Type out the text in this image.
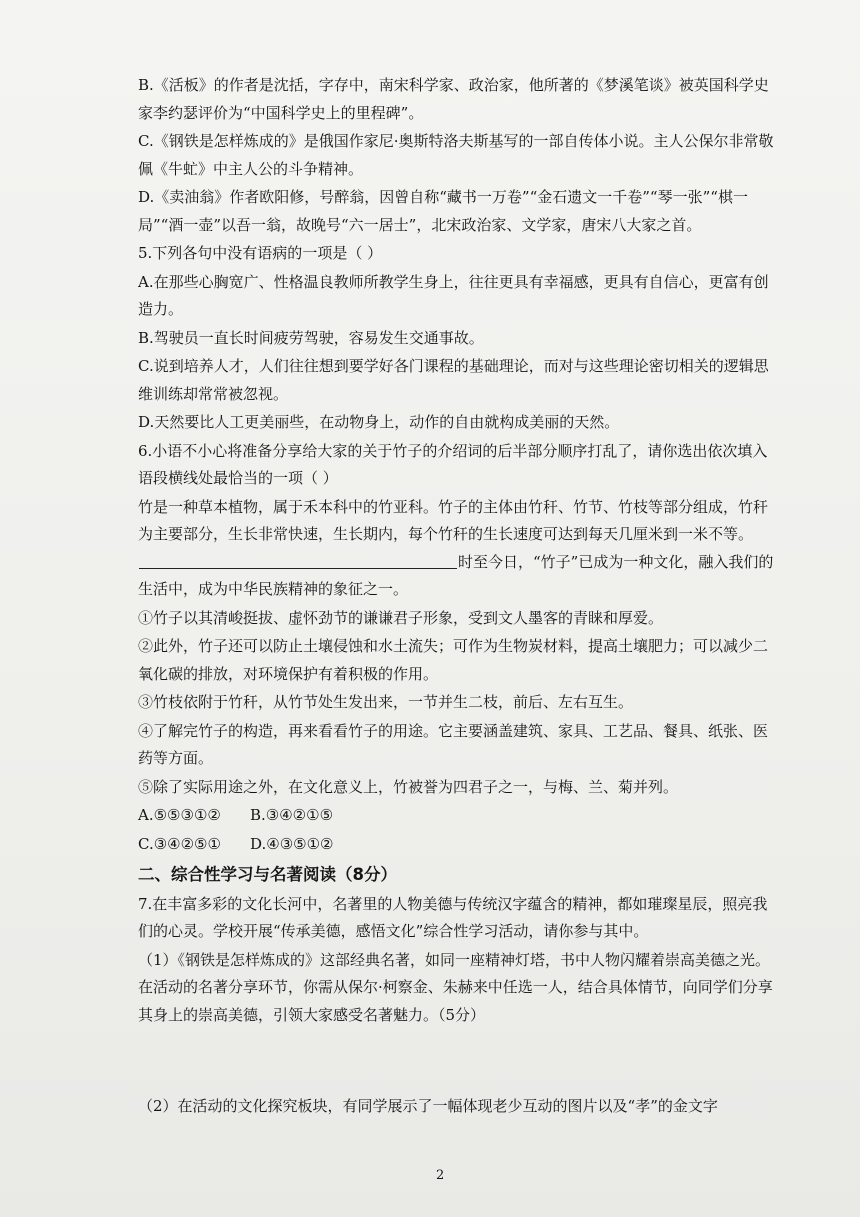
B.《活板》的作者是沈括，字存中，南宋科学家、政治家，他所著的《梦溪笔谈》被英国科学史家李约瑟评价为“中国科学史上的里程碑”。

C.《钢铁是怎样炼成的》是俄国作家尼·奥斯特洛夫斯基写的一部自传体小说。主人公保尔非常敬佩《牛虻》中主人公的斗争精神。

D.《卖油翁》作者欧阳修，号醉翁，因曾自称“藏书一万卷”“金石遗文一千卷”“琴一张”“棋一局”“酒一壶”以吾一翁，故晚号“六一居士”，北宋政治家、文学家，唐宋八大家之首。

5.下列各句中没有语病的一项是（ ）

A.在那些心胸宽广、性格温良教师所教学生身上，往往更具有幸福感，更具有自信心，更富有创造力。

B.驾驶员一直长时间疲劳驾驶，容易发生交通事故。

C.说到培养人才，人们往往想到要学好各门课程的基础理论，而对与这些理论密切相关的逻辑思维训练却常常被忽视。

D.天然要比人工更美丽些，在动物身上，动作的自由就构成美丽的天然。

6.小语不小心将准备分享给大家的关于竹子的介绍词的后半部分顺序打乱了，请你选出依次填入语段横线处最恰当的一项（ ）

竹是一种草本植物，属于禾本科中的竹亚科。竹子的主体由竹秆、竹节、竹枝等部分组成，竹秆为主要部分，生长非常快速，生长期内，每个竹秆的生长速度可达到每天几厘米到一米不等。时至今日，“竹子”已成为一种文化，融入我们的生活中，成为中华民族精神的象征之一。

①竹子以其清峻挺拔、虚怀劲节的谦谦君子形象，受到文人墨客的青睐和厚爱。

②此外，竹子还可以防止土壤侵蚀和水土流失；可作为生物炭材料，提高土壤肥力；可以减少二氧化碳的排放，对环境保护有着积极的作用。

③竹枝依附于竹秆，从竹节处生发出来，一节并生二枝，前后、左右互生。

④了解完竹子的构造，再来看看竹子的用途。它主要涵盖建筑、家具、工艺品、餐具、纸张、医药等方面。

⑤除了实际用途之外，在文化意义上，竹被誉为四君子之一，与梅、兰、菊并列。

A.⑤⑤③①② B.③④②①⑤

C.③④②⑤① D.④③⑤①②

二、综合性学习与名著阅读（8分）

7.在丰富多彩的文化长河中，名著里的人物美德与传统汉字蕴含的精神，都如璀璨星辰，照亮我们的心灵。学校开展“传承美德，感悟文化”综合性学习活动，请你参与其中。

（1）《钢铁是怎样炼成的》这部经典名著，如同一座精神灯塔，书中人物闪耀着崇高美德之光。在活动的名著分享环节，你需从保尔·柯察金、朱赫来中任选一人，结合具体情节，向同学们分享其身上的崇高美德，引领大家感受名著魅力。（5分）

（2）在活动的文化探究板块，有同学展示了一幅体现老少互动的图片以及“孝”的金文字

2
